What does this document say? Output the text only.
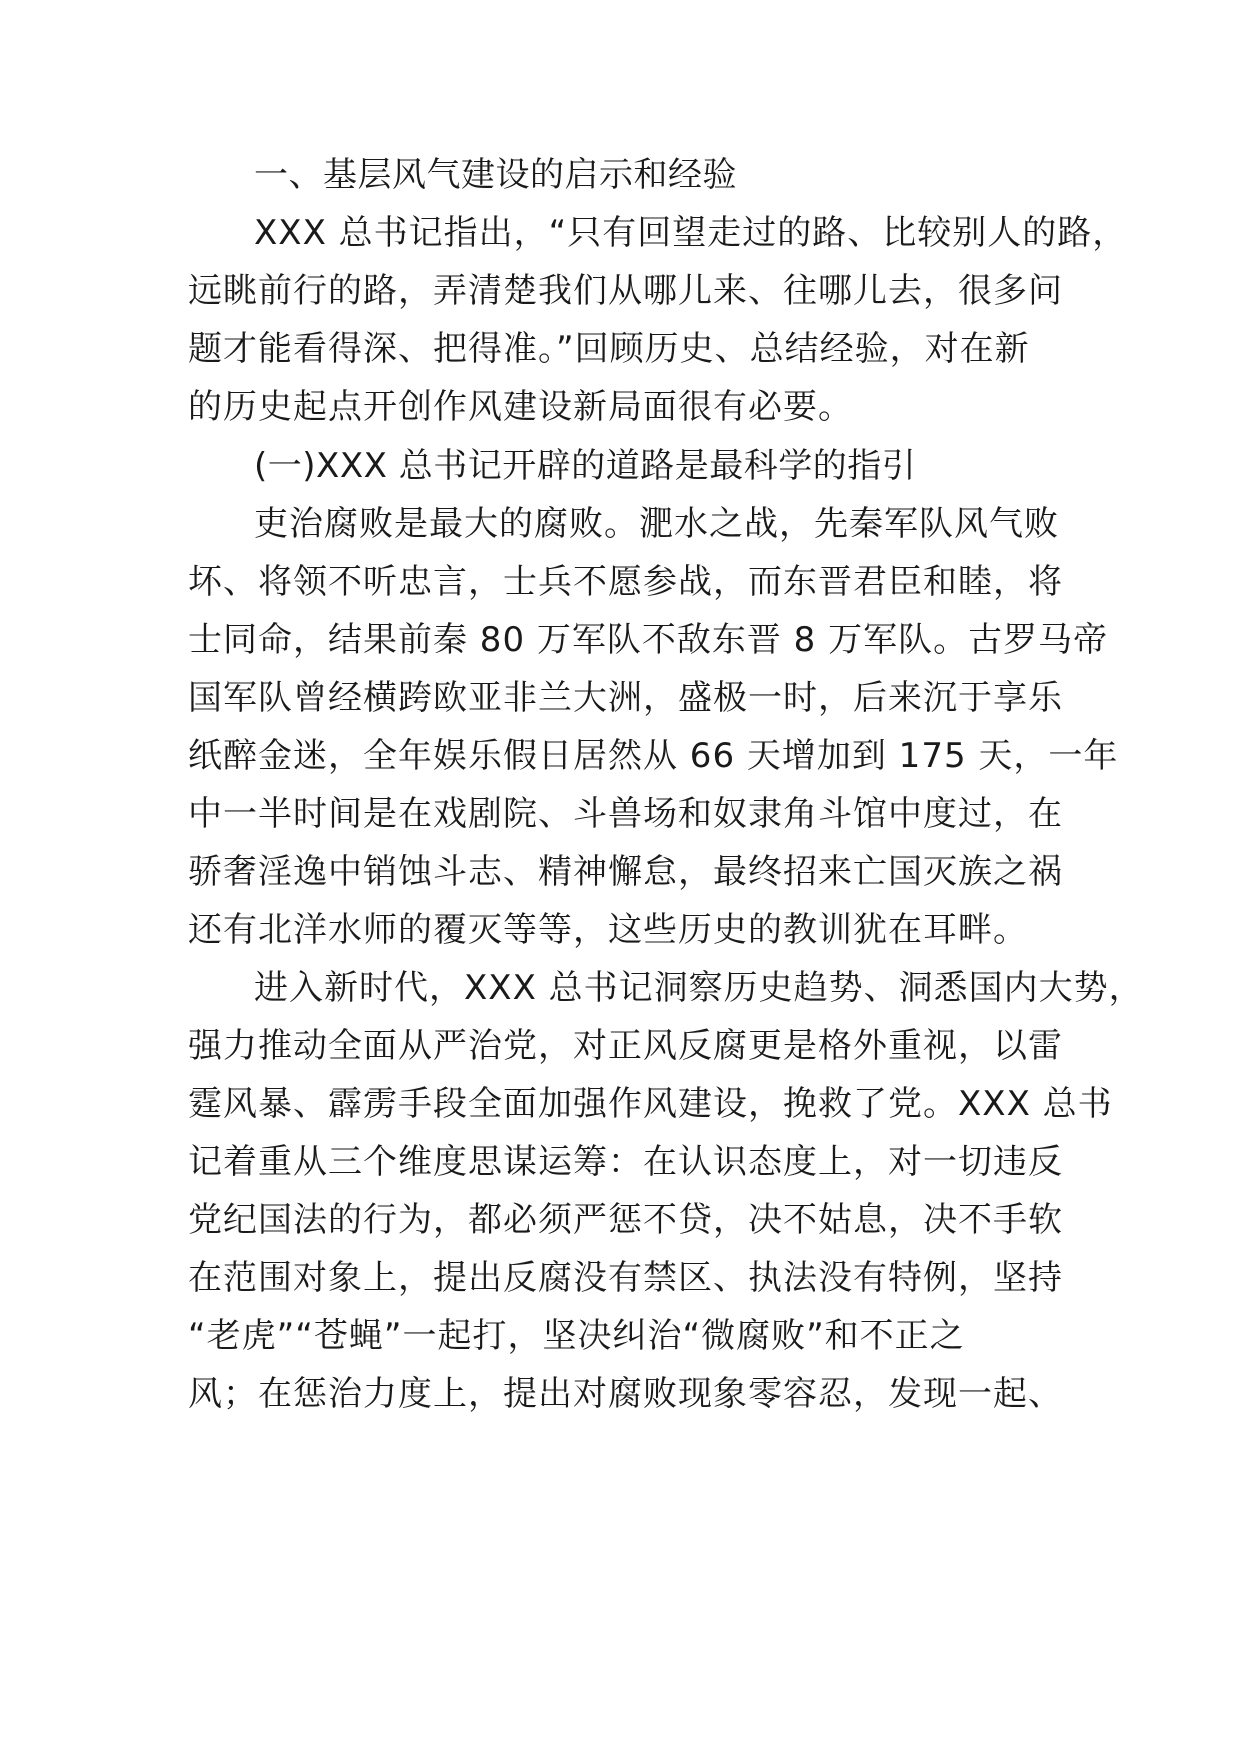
一、基层风气建设的启示和经验
XXX 总书记指出，“只有回望走过的路、比较别人的路，
远眺前行的路，弄清楚我们从哪儿来、往哪儿去，很多问
题才能看得深、把得准。”回顾历史、总结经验，对在新
的历史起点开创作风建设新局面很有必要。
(一)XXX 总书记开辟的道路是最科学的指引
吏治腐败是最大的腐败。淝水之战，先秦军队风气败
坏、将领不听忠言，士兵不愿参战，而东晋君臣和睦，将
士同命，结果前秦 80 万军队不敌东晋 8 万军队。古罗马帝
国军队曾经横跨欧亚非兰大洲，盛极一时，后来沉于享乐
纸醉金迷，全年娱乐假日居然从 66 天增加到 175 天，一年
中一半时间是在戏剧院、斗兽场和奴隶角斗馆中度过，在
骄奢淫逸中销蚀斗志、精神懈怠，最终招来亡国灭族之祸
还有北洋水师的覆灭等等，这些历史的教训犹在耳畔。
进入新时代，XXX 总书记洞察历史趋势、洞悉国内大势，
强力推动全面从严治党，对正风反腐更是格外重视，以雷
霆风暴、霹雳手段全面加强作风建设，挽救了党。XXX 总书
记着重从三个维度思谋运筹：在认识态度上，对一切违反
党纪国法的行为，都必须严惩不贷，决不姑息，决不手软
在范围对象上，提出反腐没有禁区、执法没有特例，坚持
“老虎”“苍蝇”一起打，坚决纠治“微腐败”和不正之
风；在惩治力度上，提出对腐败现象零容忍，发现一起、
